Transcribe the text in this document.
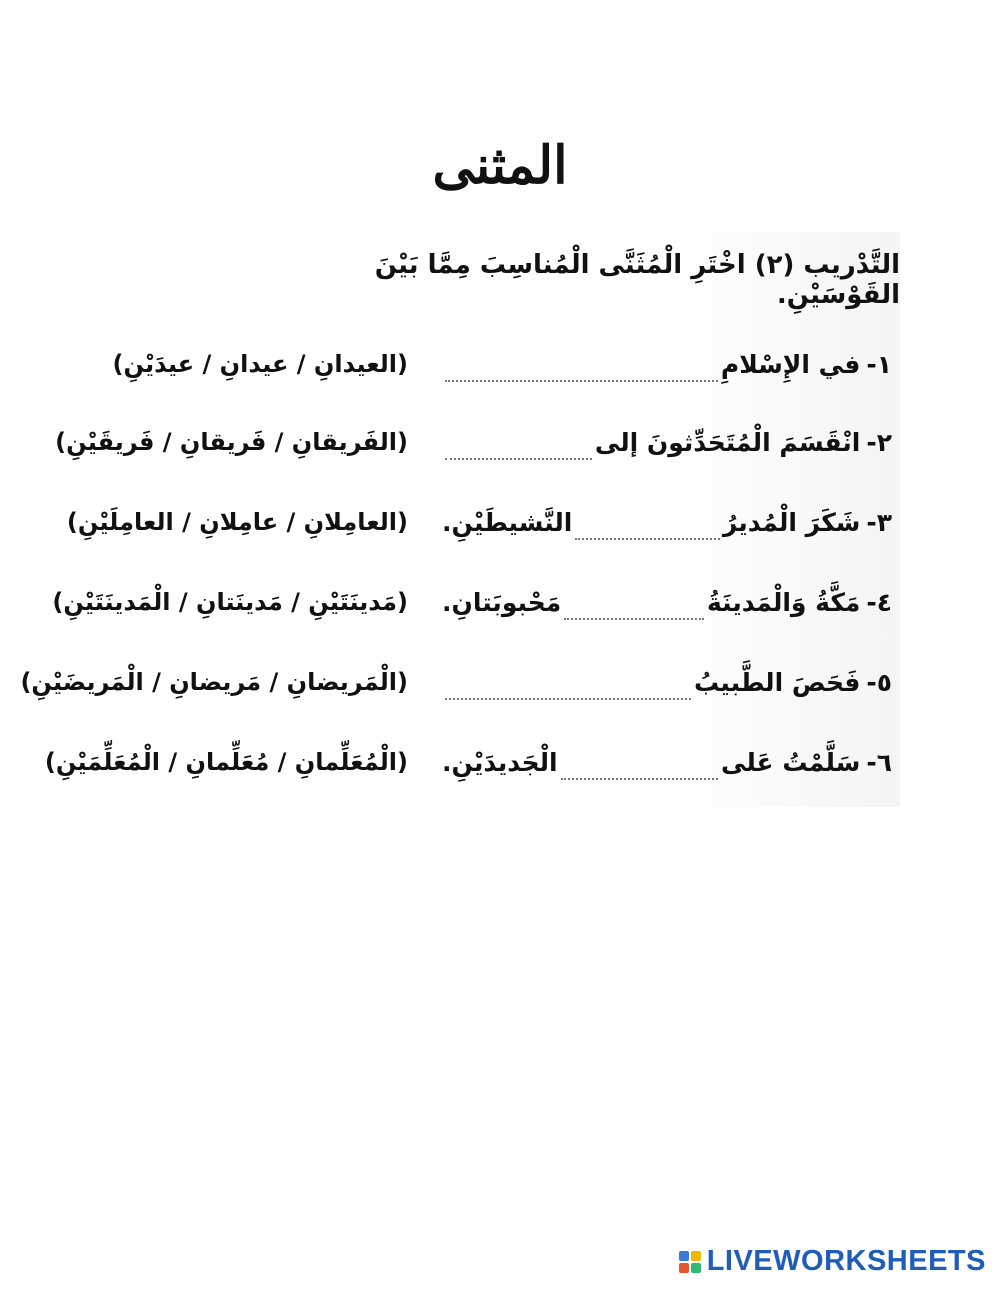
المثنى
التَّدْريب (٢) اخْتَرِ الْمُثَنَّى الْمُناسِبَ مِمَّا بَيْنَ القَوْسَيْنِ.
١-
في الإِسْلامِ
(العيدانِ / عيدانِ / عيدَيْنِ)
٢-
انْقَسَمَ الْمُتَحَدِّثونَ إلى
(الفَريقانِ / فَريقانِ / فَريقَيْنِ)
٣-
شَكَرَ الْمُديرُ
النَّشيطَيْنِ.
(العامِلانِ / عامِلانِ / العامِلَيْنِ)
٤-
مَكَّةُ وَالْمَدينَةُ
مَحْبوبَتانِ.
(مَدينَتَيْنِ / مَدينَتانِ / الْمَدينَتَيْنِ)
٥-
فَحَصَ الطَّبيبُ
(الْمَريضانِ / مَريضانِ / الْمَريضَيْنِ)
٦-
سَلَّمْتُ عَلى
الْجَديدَيْنِ.
(الْمُعَلِّمانِ / مُعَلِّمانِ / الْمُعَلِّمَيْنِ)
LIVEWORKSHEETS
